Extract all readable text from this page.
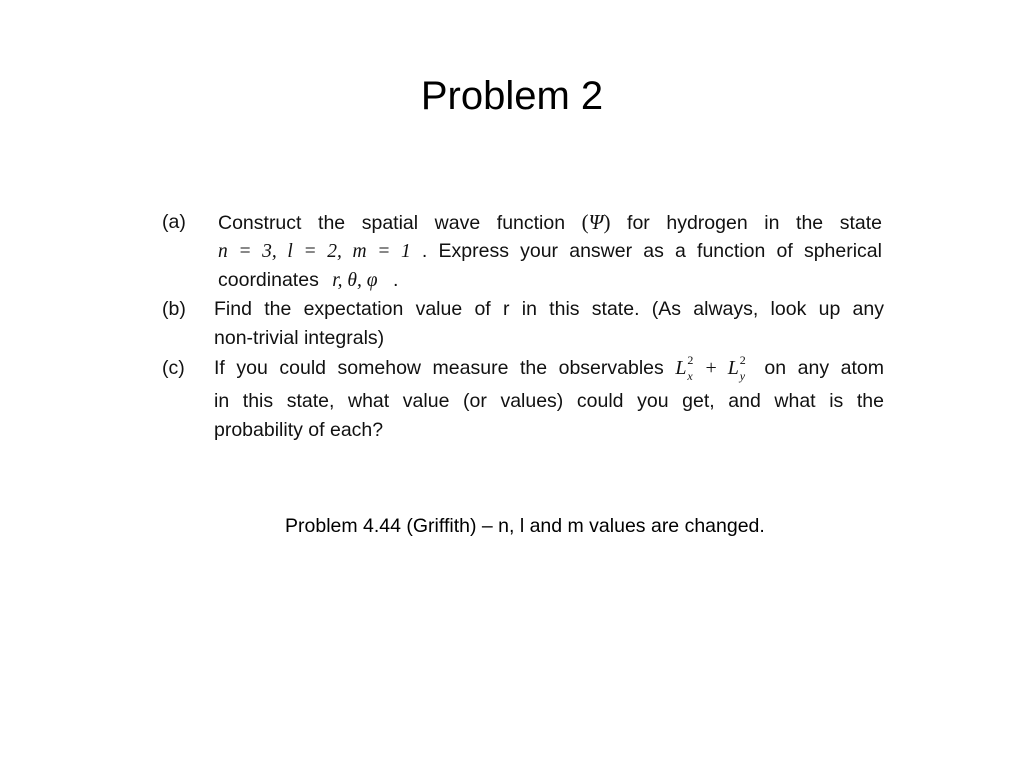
Problem 2
(a)	Construct the spatial wave function (Ψ) for hydrogen in the state
n = 3, l = 2, m = 1 . Express your answer as a function of spherical
coordinates r, θ, φ .
(b)	Find the expectation value of r in this state. (As always, look up any
non-trivial integrals)
(c)	If you could somehow measure the observables L 2
x + L 2
y on any atom
in this state, what value (or values) could you get, and what is the
probability of each?
Problem 4.44 (Griffith) – n, l and m values are changed.
